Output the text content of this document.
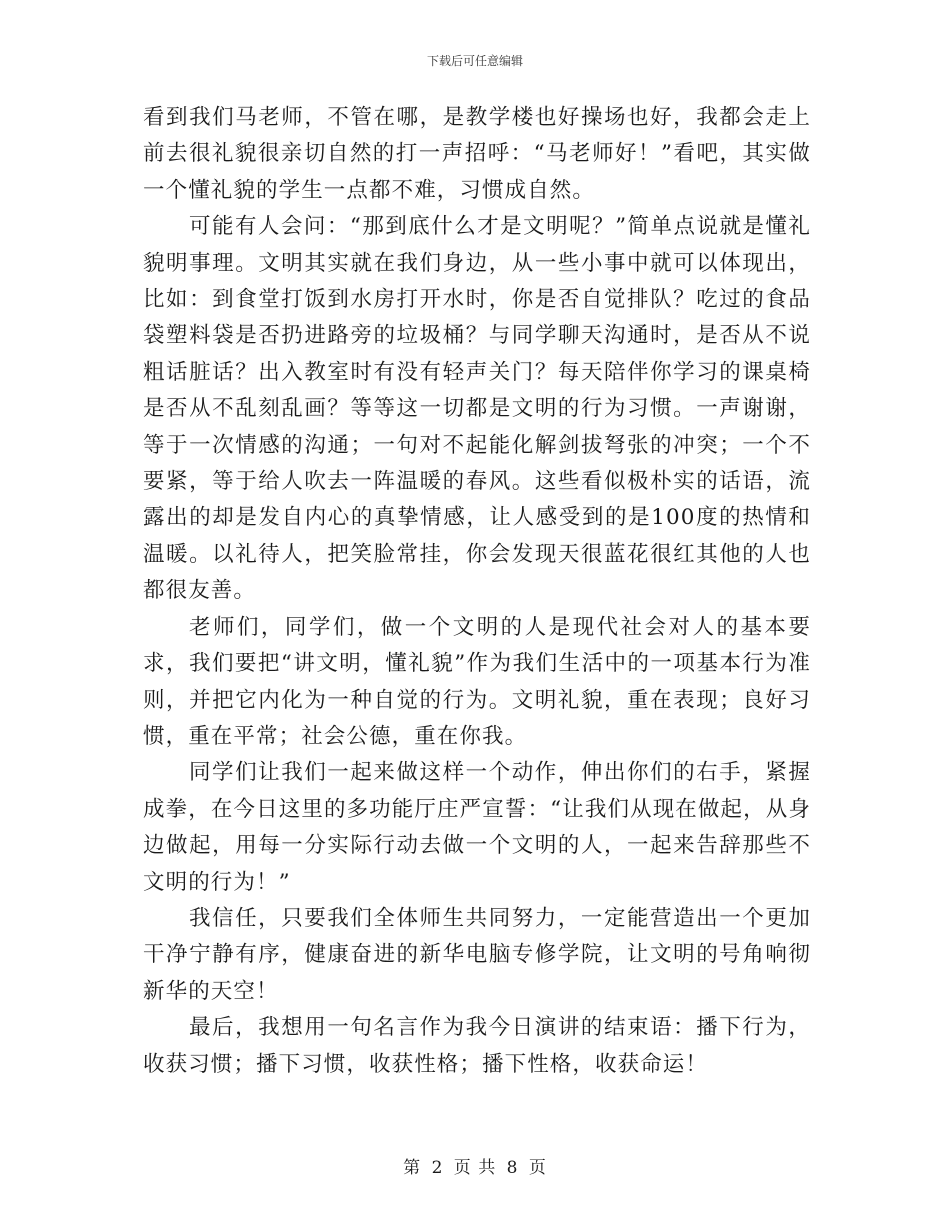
下载后可任意编辑

看到我们马老师，不管在哪，是教学楼也好操场也好，我都会走上前去很礼貌很亲切自然的打一声招呼：“马老师好！”看吧，其实做一个懂礼貌的学生一点都不难，习惯成自然。

可能有人会问：“那到底什么才是文明呢？”简单点说就是懂礼貌明事理。文明其实就在我们身边，从一些小事中就可以体现出，比如：到食堂打饭到水房打开水时，你是否自觉排队？吃过的食品袋塑料袋是否扔进路旁的垃圾桶？与同学聊天沟通时，是否从不说粗话脏话？出入教室时有没有轻声关门？每天陪伴你学习的课桌椅是否从不乱刻乱画？等等这一切都是文明的行为习惯。一声谢谢，等于一次情感的沟通；一句对不起能化解剑拔弩张的冲突；一个不要紧，等于给人吹去一阵温暖的春风。这些看似极朴实的话语，流露出的却是发自内心的真挚情感，让人感受到的是100度的热情和温暖。以礼待人，把笑脸常挂，你会发现天很蓝花很红其他的人也都很友善。

老师们，同学们，做一个文明的人是现代社会对人的基本要求，我们要把“讲文明，懂礼貌”作为我们生活中的一项基本行为准则，并把它内化为一种自觉的行为。文明礼貌，重在表现；良好习惯，重在平常；社会公德，重在你我。

同学们让我们一起来做这样一个动作，伸出你们的右手，紧握成拳，在今日这里的多功能厅庄严宣誓：“让我们从现在做起，从身边做起，用每一分实际行动去做一个文明的人，一起来告辞那些不文明的行为！”

我信任，只要我们全体师生共同努力，一定能营造出一个更加干净宁静有序，健康奋进的新华电脑专修学院，让文明的号角响彻新华的天空！

最后，我想用一句名言作为我今日演讲的结束语：播下行为，收获习惯；播下习惯，收获性格；播下性格，收获命运！

第 2 页 共 8 页
